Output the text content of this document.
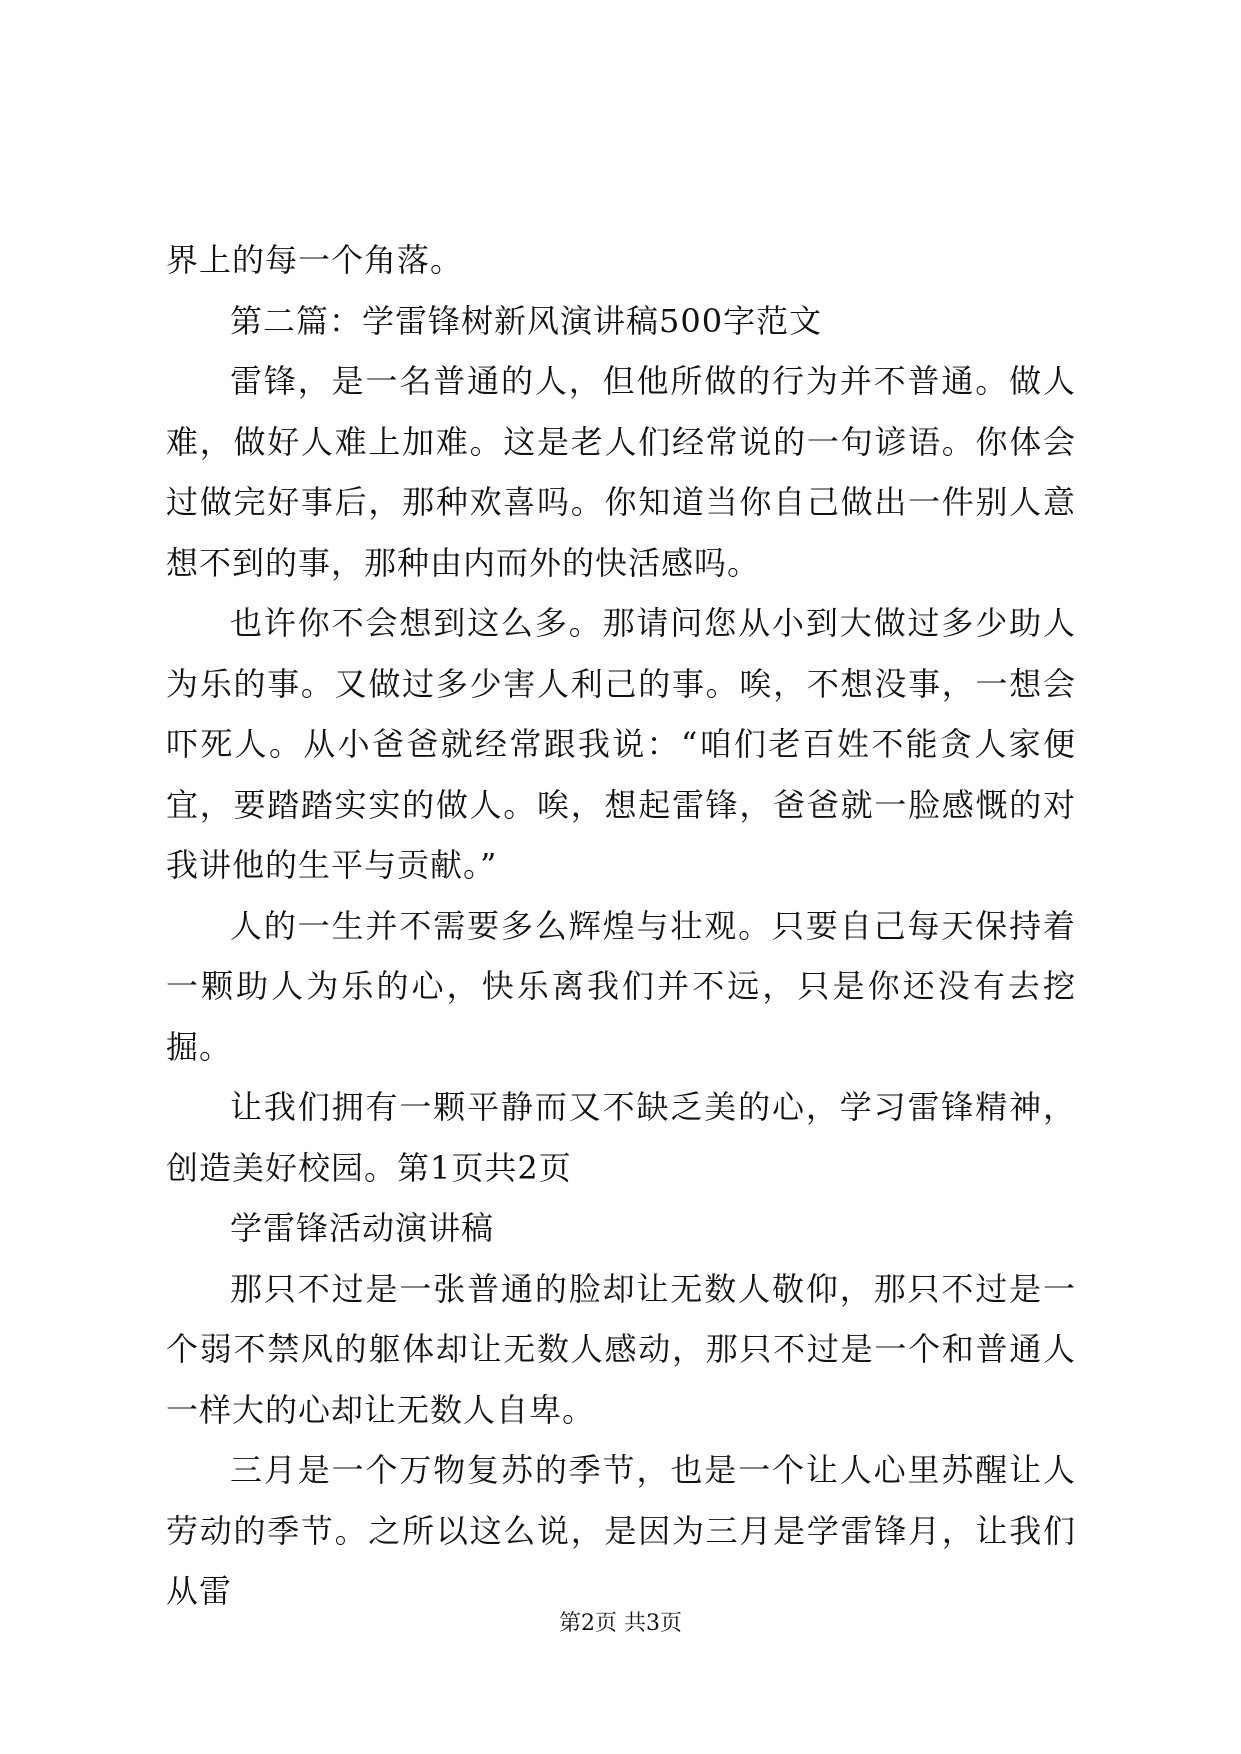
界上的每一个角落。

第二篇：学雷锋树新风演讲稿500字范文

雷锋，是一名普通的人，但他所做的行为并不普通。做人难，做好人难上加难。这是老人们经常说的一句谚语。你体会过做完好事后，那种欢喜吗。你知道当你自己做出一件别人意想不到的事，那种由内而外的快活感吗。

也许你不会想到这么多。那请问您从小到大做过多少助人为乐的事。又做过多少害人利己的事。唉，不想没事，一想会吓死人。从小爸爸就经常跟我说：“咱们老百姓不能贪人家便宜，要踏踏实实的做人。唉，想起雷锋，爸爸就一脸感慨的对我讲他的生平与贡献。”

人的一生并不需要多么辉煌与壮观。只要自己每天保持着一颗助人为乐的心，快乐离我们并不远，只是你还没有去挖掘。

让我们拥有一颗平静而又不缺乏美的心，学习雷锋精神，创造美好校园。第1页共2页

学雷锋活动演讲稿

那只不过是一张普通的脸却让无数人敬仰，那只不过是一个弱不禁风的躯体却让无数人感动，那只不过是一个和普通人一样大的心却让无数人自卑。

三月是一个万物复苏的季节，也是一个让人心里苏醒让人劳动的季节。之所以这么说，是因为三月是学雷锋月，让我们从雷

第2页 共3页
